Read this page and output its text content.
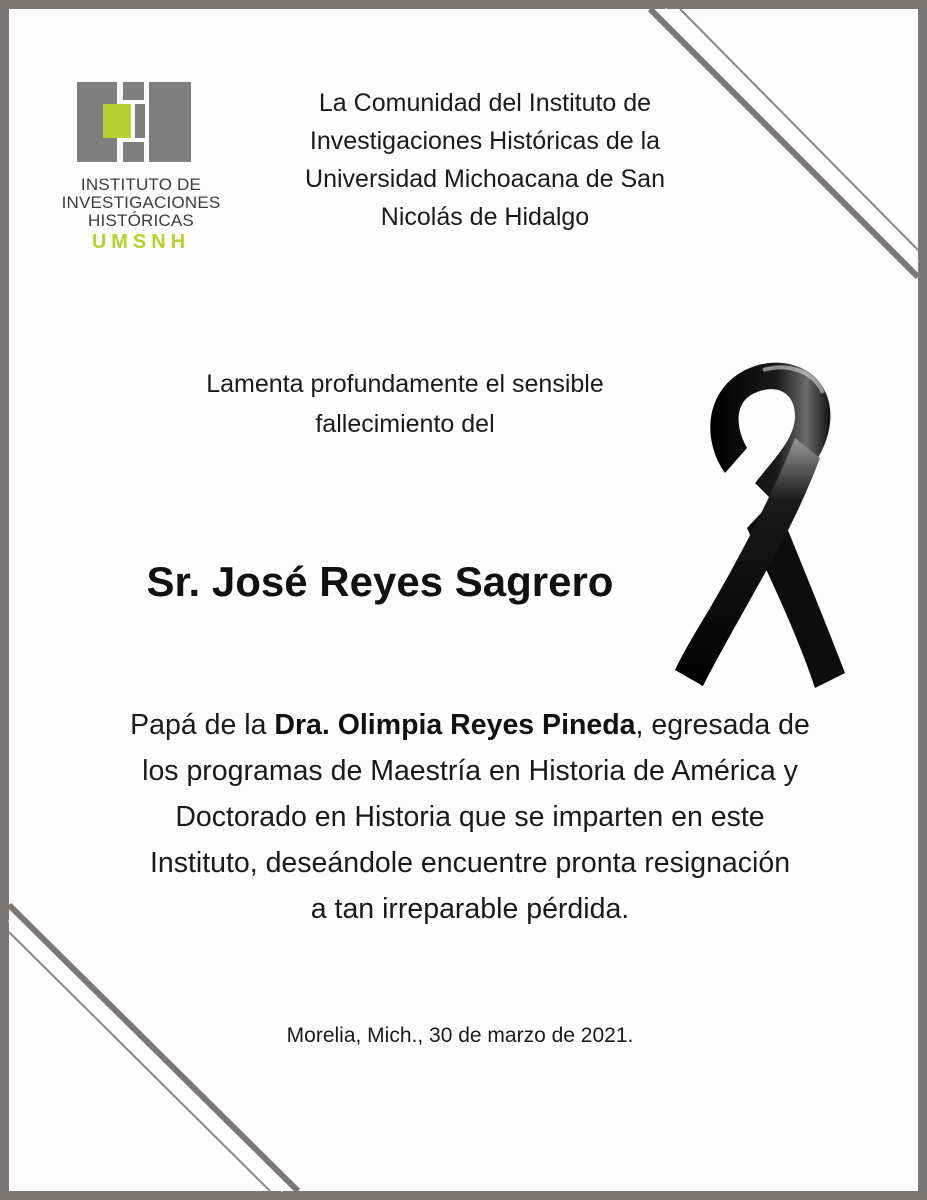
INSTITUTO DE
INVESTIGACIONES
HISTÓRICAS
UMSNH
La Comunidad del Instituto de
Investigaciones Históricas de la
Universidad Michoacana de San
Nicolás de Hidalgo
Lamenta profundamente el sensible
fallecimiento del
Sr. José Reyes Sagrero
Papá de la Dra. Olimpia Reyes Pineda, egresada de
los programas de Maestría en Historia de América y
Doctorado en Historia que se imparten en este
Instituto, deseándole encuentre pronta resignación
a tan irreparable pérdida.
Morelia, Mich., 30 de marzo de 2021.
